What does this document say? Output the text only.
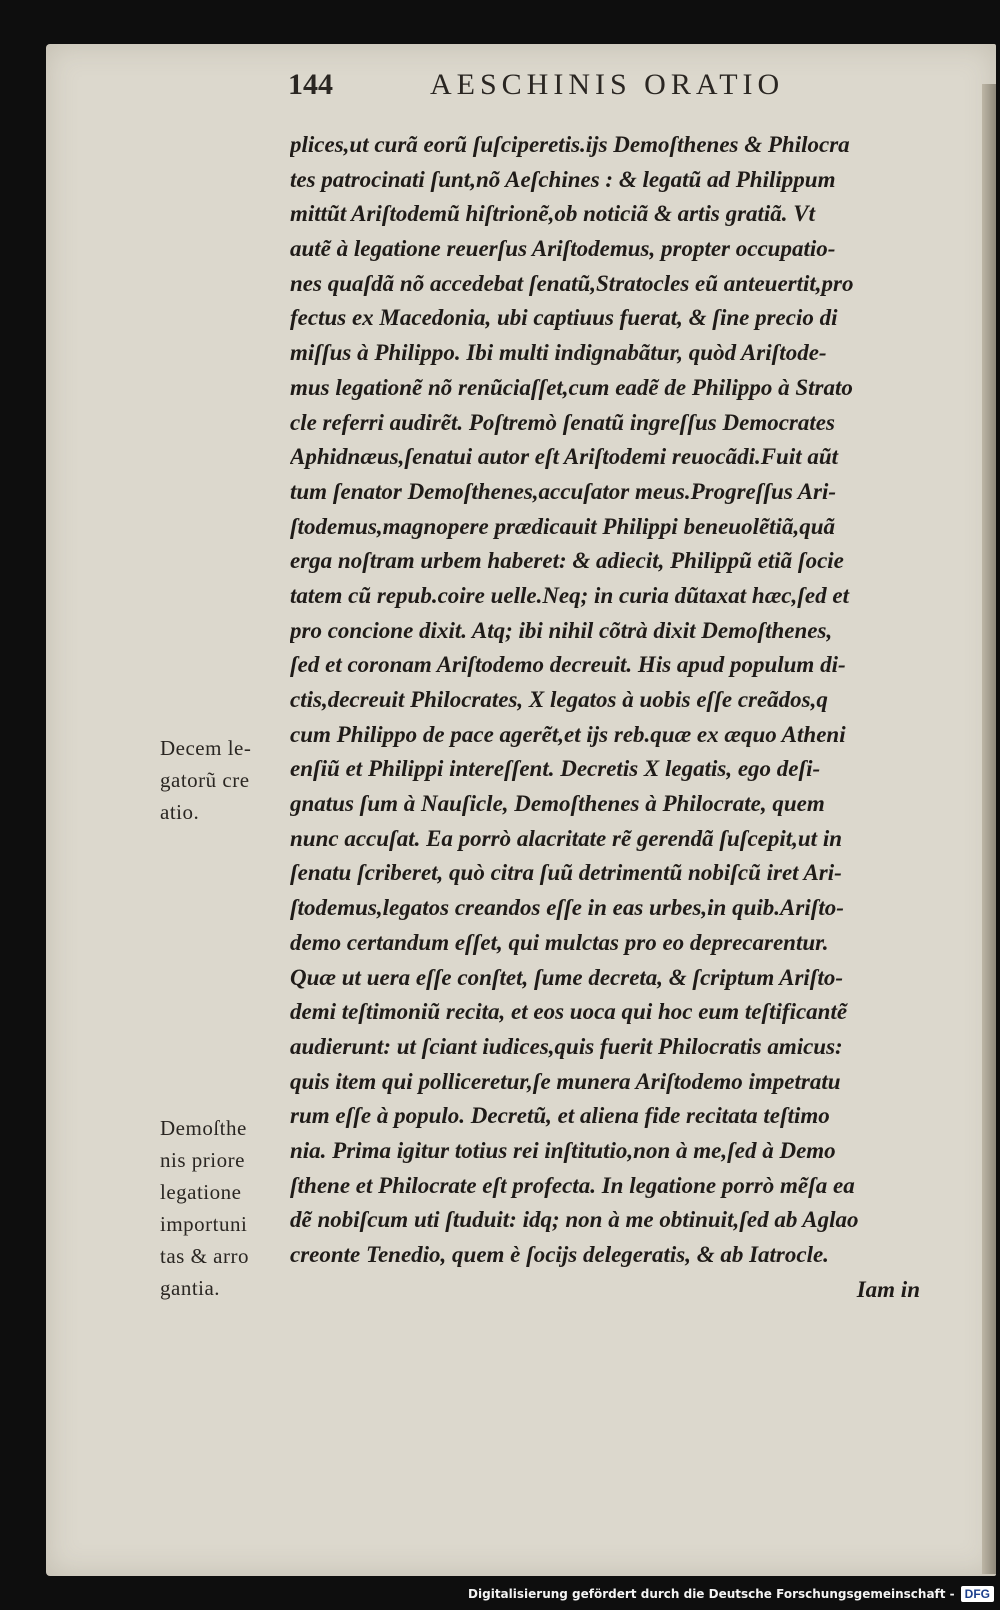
144	AESCHINIS ORATIO
plices,ut curã eorũ ſuſciperetis.ijs Demoſthenes & Philocra
tes patrocinati ſunt,nõ Aeſchines : & legatũ ad Philippum
mittũt Ariſtodemũ hiſtrionẽ,ob noticiã & artis gratiã. Vt
autẽ à legatione reuerſus Ariſtodemus, propter occupatio-
nes quaſdã nõ accedebat ſenatũ,Stratocles eũ anteuertit,pro
fectus ex Macedonia, ubi captiuus fuerat, & ſine precio di
miſſus à Philippo. Ibi multi indignabãtur, quòd Ariſtode-
mus legationẽ nõ renũciaſſet,cum eadẽ de Philippo à Strato
cle referri audirẽt. Poſtremò ſenatũ ingreſſus Democrates
Aphidnæus,ſenatui autor eſt Ariſtodemi reuocãdi.Fuit aũt
tum ſenator Demoſthenes,accuſator meus.Progreſſus Ari-
ſtodemus,magnopere prædicauit Philippi beneuolẽtiã,quã
erga noſtram urbem haberet: & adiecit, Philippũ etiã ſocie
tatem cũ repub.coire uelle.Neq; in curia dũtaxat hæc,ſed et
pro concione dixit. Atq; ibi nihil cõtrà dixit Demoſthenes,
ſed et coronam Ariſtodemo decreuit. His apud populum di-
ctis,decreuit Philocrates, X legatos à uobis eſſe creãdos,q
cum Philippo de pace agerẽt,et ijs reb.quæ ex æquo Atheni
enſiũ et Philippi intereſſent. Decretis X legatis, ego deſi-
gnatus ſum à Nauſicle, Demoſthenes à Philocrate, quem
nunc accuſat. Ea porrò alacritate rẽ gerendã ſuſcepit,ut in
ſenatu ſcriberet, quò citra ſuũ detrimentũ nobiſcũ iret Ari-
ſtodemus,legatos creandos eſſe in eas urbes,in quib.Ariſto-
demo certandum eſſet, qui mulctas pro eo deprecarentur.
Quæ ut uera eſſe conſtet, ſume decreta, & ſcriptum Ariſto-
demi teſtimoniũ recita, et eos uoca qui hoc eum teſtificantẽ
audierunt: ut ſciant iudices,quis fuerit Philocratis amicus:
quis item qui pollicеretur,ſe munera Ariſtodemo impetratu
rum eſſe à populo. Decretũ, et aliena fide recitata teſtimo
nia. Prima igitur totius rei inſtitutio,non à me,ſed à Demo
ſthene et Philocrate eſt profecta. In legatione porrò mẽſa ea
dẽ nobiſcum uti ſtuduit: idq; non à me obtinuit,ſed ab Aglao
creonte Tenedio, quem è ſocijs delegeratis, & ab Iatrocle.
Iam in
Decem le-
gatorũ cre
atio.
Demoſthe
nis priore
legatione
importuni
tas & arro
gantia.
Digitalisierung gefördert durch die Deutsche Forschungsgemeinschaft - DFG
